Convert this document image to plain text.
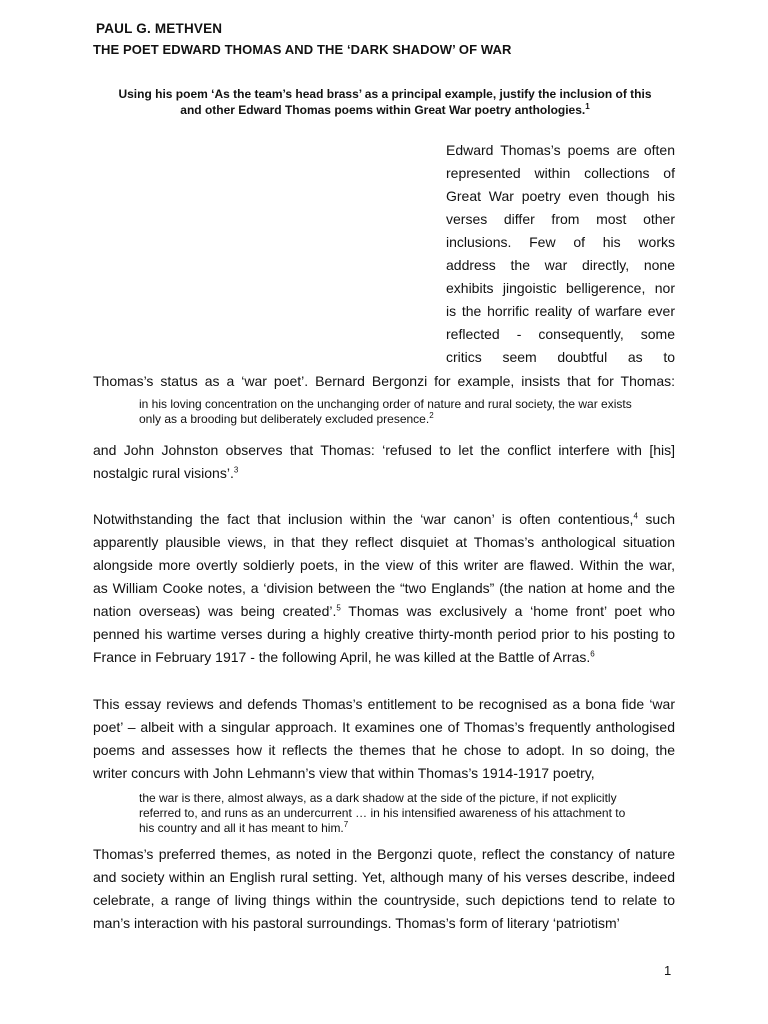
PAUL G. METHVEN
THE POET EDWARD THOMAS AND THE ‘DARK SHADOW’ OF WAR
Using his poem ‘As the team’s head brass’ as a principal example, justify the inclusion of this
and other Edward Thomas poems within Great War poetry anthologies.$^1$
Edward Thomas’s poems are often
represented within collections of
Great War poetry even though his
verses differ from most other
inclusions. Few of his works
address the war directly, none
exhibits jingoistic belligerence, nor
is the horrific reality of warfare ever
reflected - consequently, some
critics seem doubtful as to
Thomas’s status as a ‘war poet’. Bernard Bergonzi for example, insists that for Thomas:
in his loving concentration on the unchanging order of nature and rural society, the war exists
only as a brooding but deliberately excluded presence.$^2$
and John Johnston observes that Thomas: ‘refused to let the conflict interfere with [his]
nostalgic rural visions’.$^3$
Notwithstanding the fact that inclusion within the ‘war canon’ is often contentious,$^4$ such
apparently plausible views, in that they reflect disquiet at Thomas’s anthological situation
alongside more overtly soldierly poets, in the view of this writer are flawed. Within the war,
as William Cooke notes, a ‘division between the “two Englands” (the nation at home and the
nation overseas) was being created’.$^5$ Thomas was exclusively a ‘home front’ poet who
penned his wartime verses during a highly creative thirty-month period prior to his posting to
France in February 1917 - the following April, he was killed at the Battle of Arras.$^6$
This essay reviews and defends Thomas’s entitlement to be recognised as a bona fide ‘war
poet’ – albeit with a singular approach. It examines one of Thomas’s frequently anthologised
poems and assesses how it reflects the themes that he chose to adopt. In so doing, the
writer concurs with John Lehmann’s view that within Thomas’s 1914-1917 poetry,
the war is there, almost always, as a dark shadow at the side of the picture, if not explicitly
referred to, and runs as an undercurrent … in his intensified awareness of his attachment to
his country and all it has meant to him.$^7$
Thomas’s preferred themes, as noted in the Bergonzi quote, reflect the constancy of nature
and society within an English rural setting. Yet, although many of his verses describe, indeed
celebrate, a range of living things within the countryside, such depictions tend to relate to
man’s interaction with his pastoral surroundings. Thomas’s form of literary ‘patriotism’
1
